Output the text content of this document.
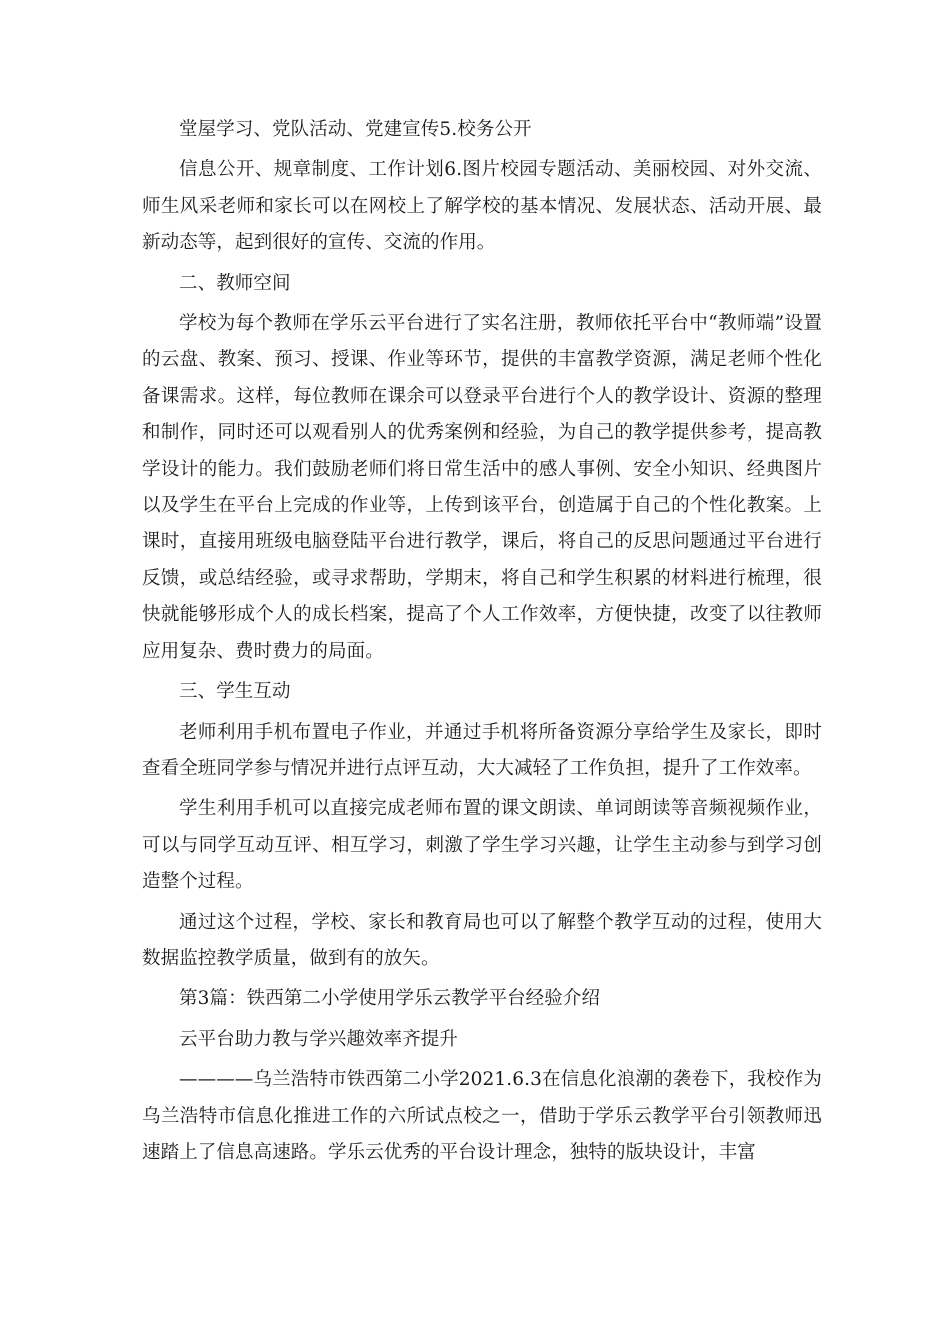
堂屋学习、党队活动、党建宣传5.校务公开

信息公开、规章制度、工作计划6.图片校园专题活动、美丽校园、对外交流、师生风采老师和家长可以在网校上了解学校的基本情况、发展状态、活动开展、最新动态等，起到很好的宣传、交流的作用。

二、教师空间

学校为每个教师在学乐云平台进行了实名注册，教师依托平台中“教师端”设置的云盘、教案、预习、授课、作业等环节，提供的丰富教学资源，满足老师个性化备课需求。这样，每位教师在课余可以登录平台进行个人的教学设计、资源的整理和制作，同时还可以观看别人的优秀案例和经验，为自己的教学提供参考，提高教学设计的能力。我们鼓励老师们将日常生活中的感人事例、安全小知识、经典图片以及学生在平台上完成的作业等，上传到该平台，创造属于自己的个性化教案。上课时，直接用班级电脑登陆平台进行教学，课后，将自己的反思问题通过平台进行反馈，或总结经验，或寻求帮助，学期末，将自己和学生积累的材料进行梳理，很快就能够形成个人的成长档案，提高了个人工作效率，方便快捷，改变了以往教师应用复杂、费时费力的局面。

三、学生互动

老师利用手机布置电子作业，并通过手机将所备资源分享给学生及家长，即时查看全班同学参与情况并进行点评互动，大大减轻了工作负担，提升了工作效率。

学生利用手机可以直接完成老师布置的课文朗读、单词朗读等音频视频作业，可以与同学互动互评、相互学习，刺激了学生学习兴趣，让学生主动参与到学习创造整个过程。

通过这个过程，学校、家长和教育局也可以了解整个教学互动的过程，使用大数据监控教学质量，做到有的放矢。

第3篇：铁西第二小学使用学乐云教学平台经验介绍

云平台助力教与学兴趣效率齐提升

————乌兰浩特市铁西第二小学2021.6.3在信息化浪潮的袭卷下，我校作为乌兰浩特市信息化推进工作的六所试点校之一，借助于学乐云教学平台引领教师迅速踏上了信息高速路。学乐云优秀的平台设计理念，独特的版块设计，丰富
